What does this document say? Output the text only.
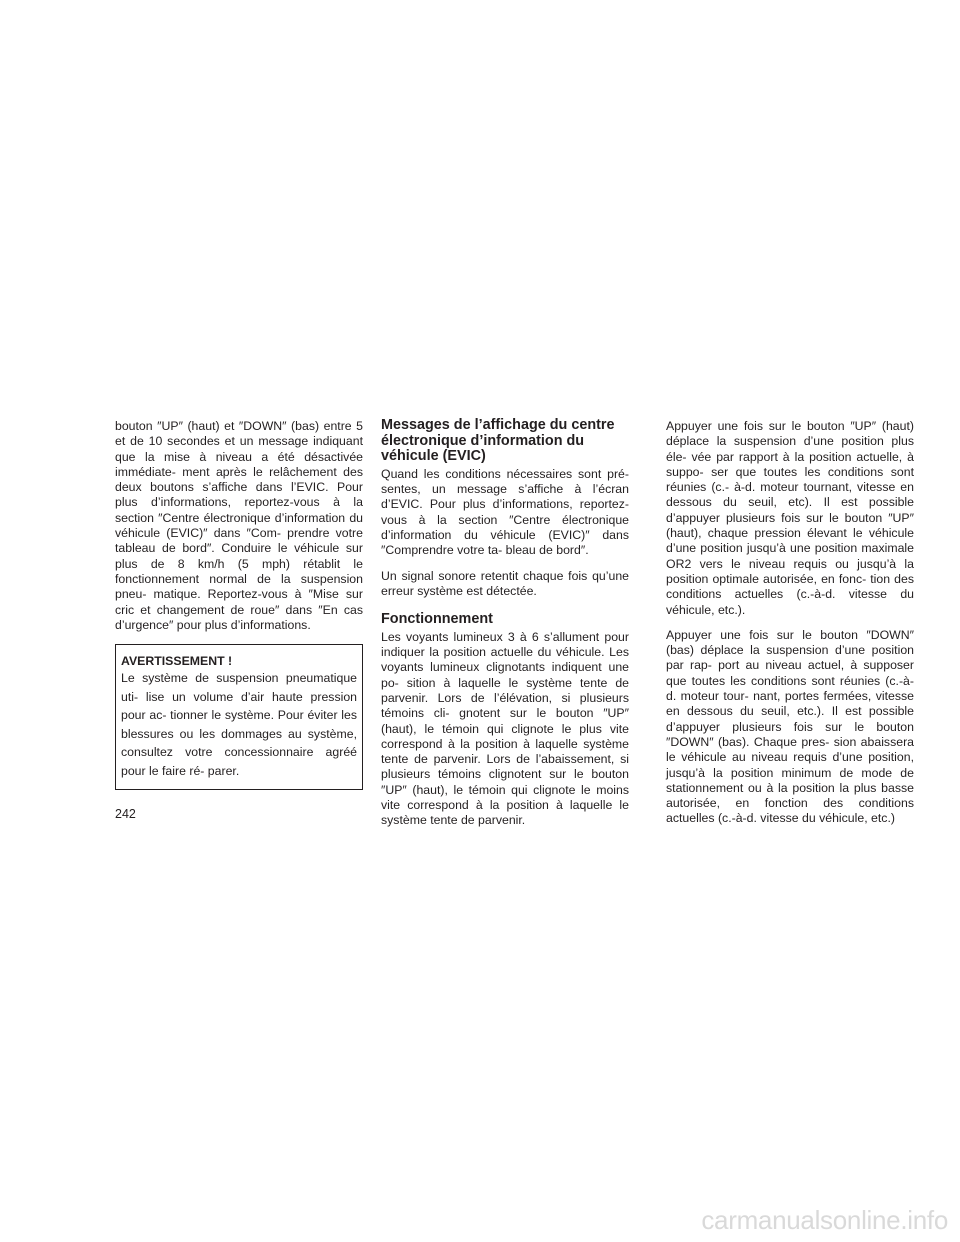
bouton ″UP″ (haut) et ″DOWN″ (bas) entre 5 et de 10 secondes et un message indiquant que la mise à niveau a été désactivée immédiate- ment après le relâchement des deux boutons s’affiche dans l’EVIC. Pour plus d’informations, reportez-vous à la section ″Centre électronique d’information du véhicule (EVIC)″ dans ″Com- prendre votre tableau de bord″. Conduire le véhicule sur plus de 8 km/h (5 mph) rétablit le fonctionnement normal de la suspension pneu- matique. Reportez-vous à ″Mise sur cric et changement de roue″ dans ″En cas d’urgence″ pour plus d’informations.

AVERTISSEMENT !

Le système de suspension pneumatique uti- lise un volume d’air haute pression pour ac- tionner le système. Pour éviter les blessures ou les dommages au système, consultez votre concessionnaire agréé pour le faire ré- parer.

Messages de l’affichage du centre électronique d’information du véhicule (EVIC)

Quand les conditions nécessaires sont pré- sentes, un message s’affiche à l’écran d’EVIC. Pour plus d’informations, reportez-vous à la section ″Centre électronique d’information du véhicule (EVIC)″ dans ″Comprendre votre ta- bleau de bord″.

Un signal sonore retentit chaque fois qu’une erreur système est détectée.

Fonctionnement

Les voyants lumineux 3 à 6 s’allument pour indiquer la position actuelle du véhicule. Les voyants lumineux clignotants indiquent une po- sition à laquelle le système tente de parvenir. Lors de l’élévation, si plusieurs témoins cli- gnotent sur le bouton ″UP″ (haut), le témoin qui clignote le plus vite correspond à la position à laquelle système tente de parvenir. Lors de l’abaissement, si plusieurs témoins clignotent sur le bouton ″UP″ (haut), le témoin qui clignote le moins vite correspond à la position à laquelle le système tente de parvenir.

Appuyer une fois sur le bouton ″UP″ (haut) déplace la suspension d’une position plus éle- vée par rapport à la position actuelle, à suppo- ser que toutes les conditions sont réunies (c.- à-d. moteur tournant, vitesse en dessous du seuil, etc). Il est possible d’appuyer plusieurs fois sur le bouton ″UP″ (haut), chaque pression élevant le véhicule d’une position jusqu’à une position maximale OR2 vers le niveau requis ou jusqu’à la position optimale autorisée, en fonc- tion des conditions actuelles (c.-à-d. vitesse du véhicule, etc.).

Appuyer une fois sur le bouton ″DOWN″ (bas) déplace la suspension d’une position par rap- port au niveau actuel, à supposer que toutes les conditions sont réunies (c.-à-d. moteur tour- nant, portes fermées, vitesse en dessous du seuil, etc.). Il est possible d’appuyer plusieurs fois sur le bouton ″DOWN″ (bas). Chaque pres- sion abaissera le véhicule au niveau requis d’une position, jusqu’à la position minimum de mode de stationnement ou à la position la plus basse autorisée, en fonction des conditions actuelles (c.-à-d. vitesse du véhicule, etc.)

242

carmanualsonline.info
